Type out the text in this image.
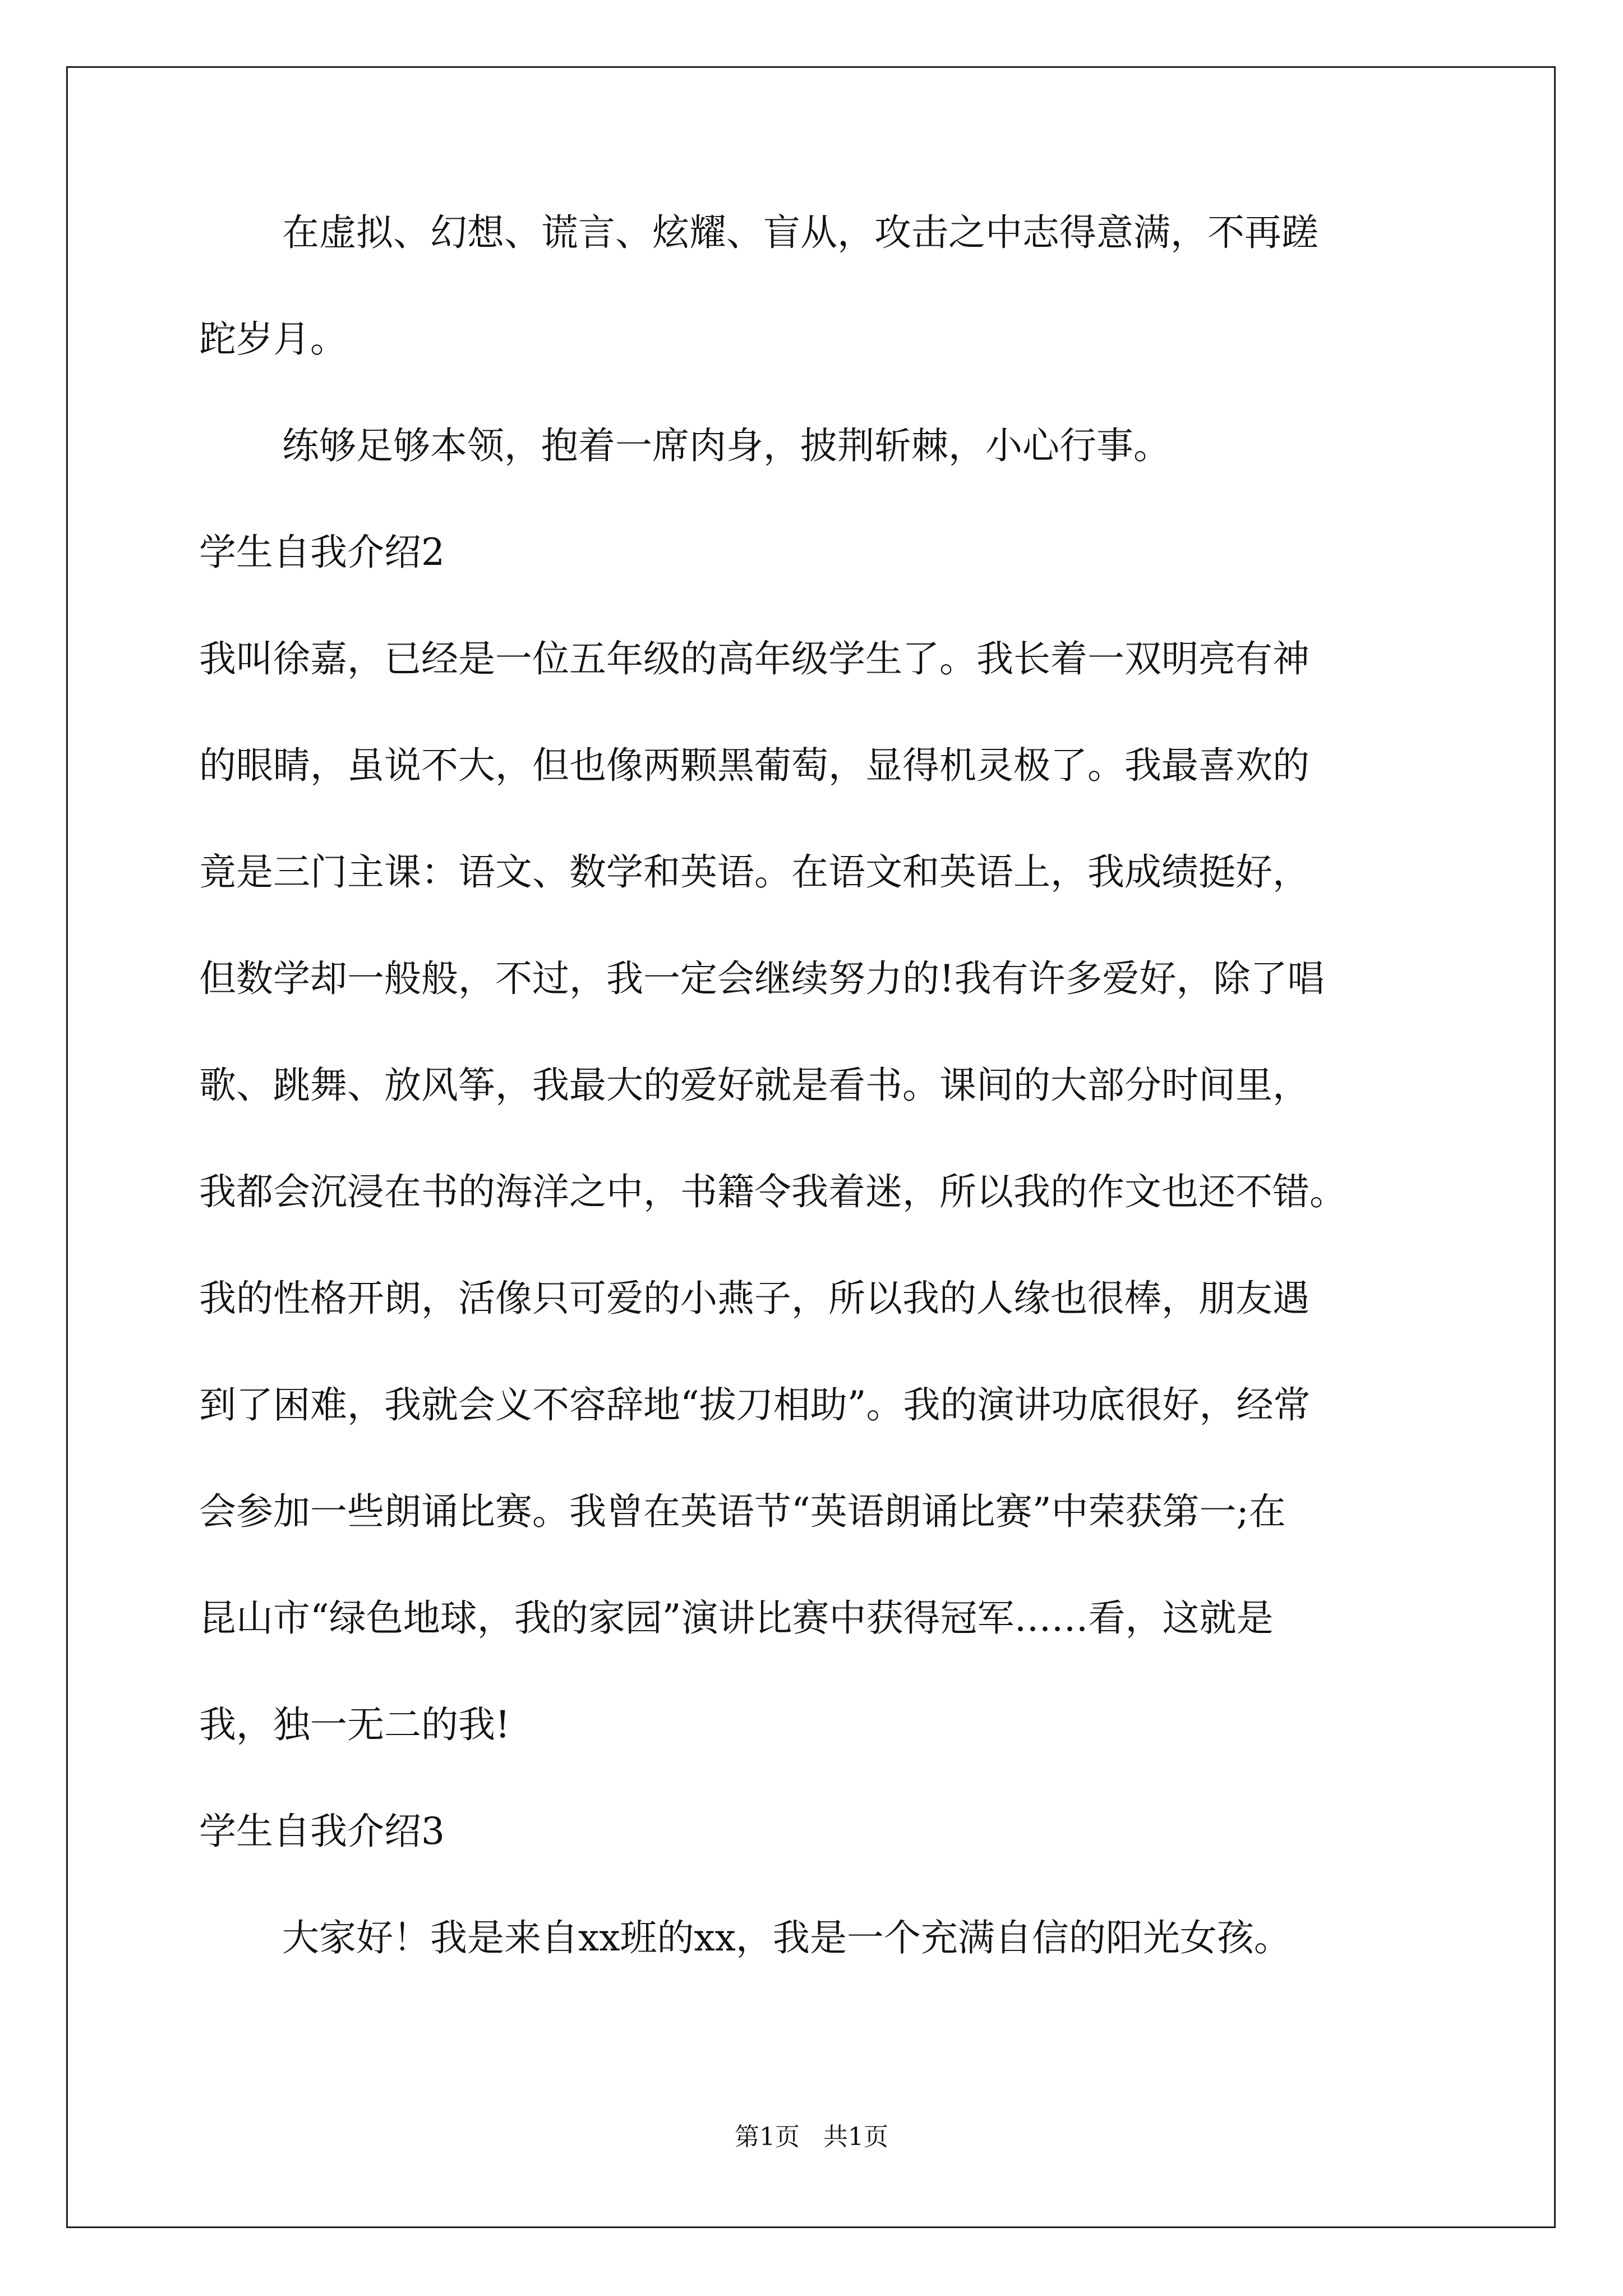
在虚拟、幻想、谎言、炫耀、盲从，攻击之中志得意满，不再蹉
跎岁月。
练够足够本领，抱着一席肉身，披荆斩棘，小心行事。
学生自我介绍2
我叫徐嘉，已经是一位五年级的高年级学生了。我长着一双明亮有神
的眼睛，虽说不大，但也像两颗黑葡萄，显得机灵极了。我最喜欢的
竟是三门主课：语文、数学和英语。在语文和英语上，我成绩挺好，
但数学却一般般，不过，我一定会继续努力的!我有许多爱好，除了唱
歌、跳舞、放风筝，我最大的爱好就是看书。课间的大部分时间里，
我都会沉浸在书的海洋之中，书籍令我着迷，所以我的作文也还不错。
我的性格开朗，活像只可爱的小燕子，所以我的人缘也很棒，朋友遇
到了困难，我就会义不容辞地“拔刀相助”。我的演讲功底很好，经常
会参加一些朗诵比赛。我曾在英语节“英语朗诵比赛”中荣获第一;在
昆山市“绿色地球，我的家园”演讲比赛中获得冠军……看，这就是
我，独一无二的我!
学生自我介绍3
大家好！我是来自xx班的xx，我是一个充满自信的阳光女孩。
第1页   共1页
